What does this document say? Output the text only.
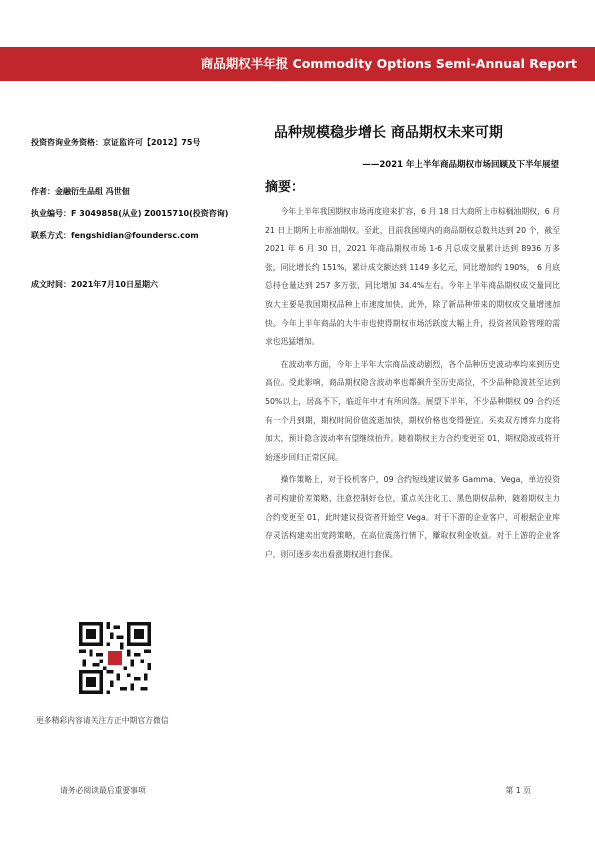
商品期权半年报 Commodity Options Semi-Annual Report
投资咨询业务资格：京证监许可【2012】75号
作者：金融衍生品组 冯世佃
执业编号：F 3049858(从业) Z0015710(投资咨询)
联系方式：fengshidian@foundersc.com
成文时间：2021年7月10日星期六
品种规模稳步增长 商品期权未来可期
——2021 年上半年商品期权市场回顾及下半年展望
摘要：

今年上半年我国期权市场再度迎来扩容，6 月 18 日大商所上市棕榈油期权，6 月 21 日上期所上市原油期权。至此，目前我国境内的商品期权总数共达到 20 个，截至 2021 年 6 月 30 日，2021 年商品期权市场 1-6 月总成交量累计达到 8936 万多张，同比增长约 151%，累计成交额达到 1149 多亿元，同比增加约 190%， 6 月底总持仓量达到 257 多万张，同比增加 34.4%左右。今年上半年商品期权成交量同比放大主要是我国期权品种上市速度加快。此外，除了新品种带来的期权成交量增速加快。今年上半年商品的大牛市也使得期权市场活跃度大幅上升，投资者风险管理的需求也迅猛增加。

在波动率方面，今年上半年大宗商品波动剧烈，各个品种历史波动率均来到历史高位。受此影响，商品期权隐含波动率也都飙升至历史高位，不少品种隐波甚至达到 50%以上，居高不下，临近年中才有所回落。展望下半年，不少品种期权 09 合约还有一个月到期，期权时间价值流逝加快，期权价格也变得便宜。买卖双方博弈力度将加大，预计隐含波动率有望继续抬升。随着期权主力合约变更至 01，期权隐波或将开始逐步回归正常区间。

操作策略上，对于投机客户，09 合约短线建议做多 Gamma、Vega，单边投资者可构建价差策略，注意控制好仓位，重点关注化工、黑色期权品种，随着期权主力合约变更至 01，此时建议投资者开始空 Vega。对于下游的企业客户，可根据企业库存灵活构建卖出宽跨策略，在高位震荡行情下，赚取权利金收益。对于上游的企业客户，则可逐步卖出看涨期权进行套保。

更多精彩内容请关注方正中期官方微信
请务必阅读最后重要事项	第 1 页
